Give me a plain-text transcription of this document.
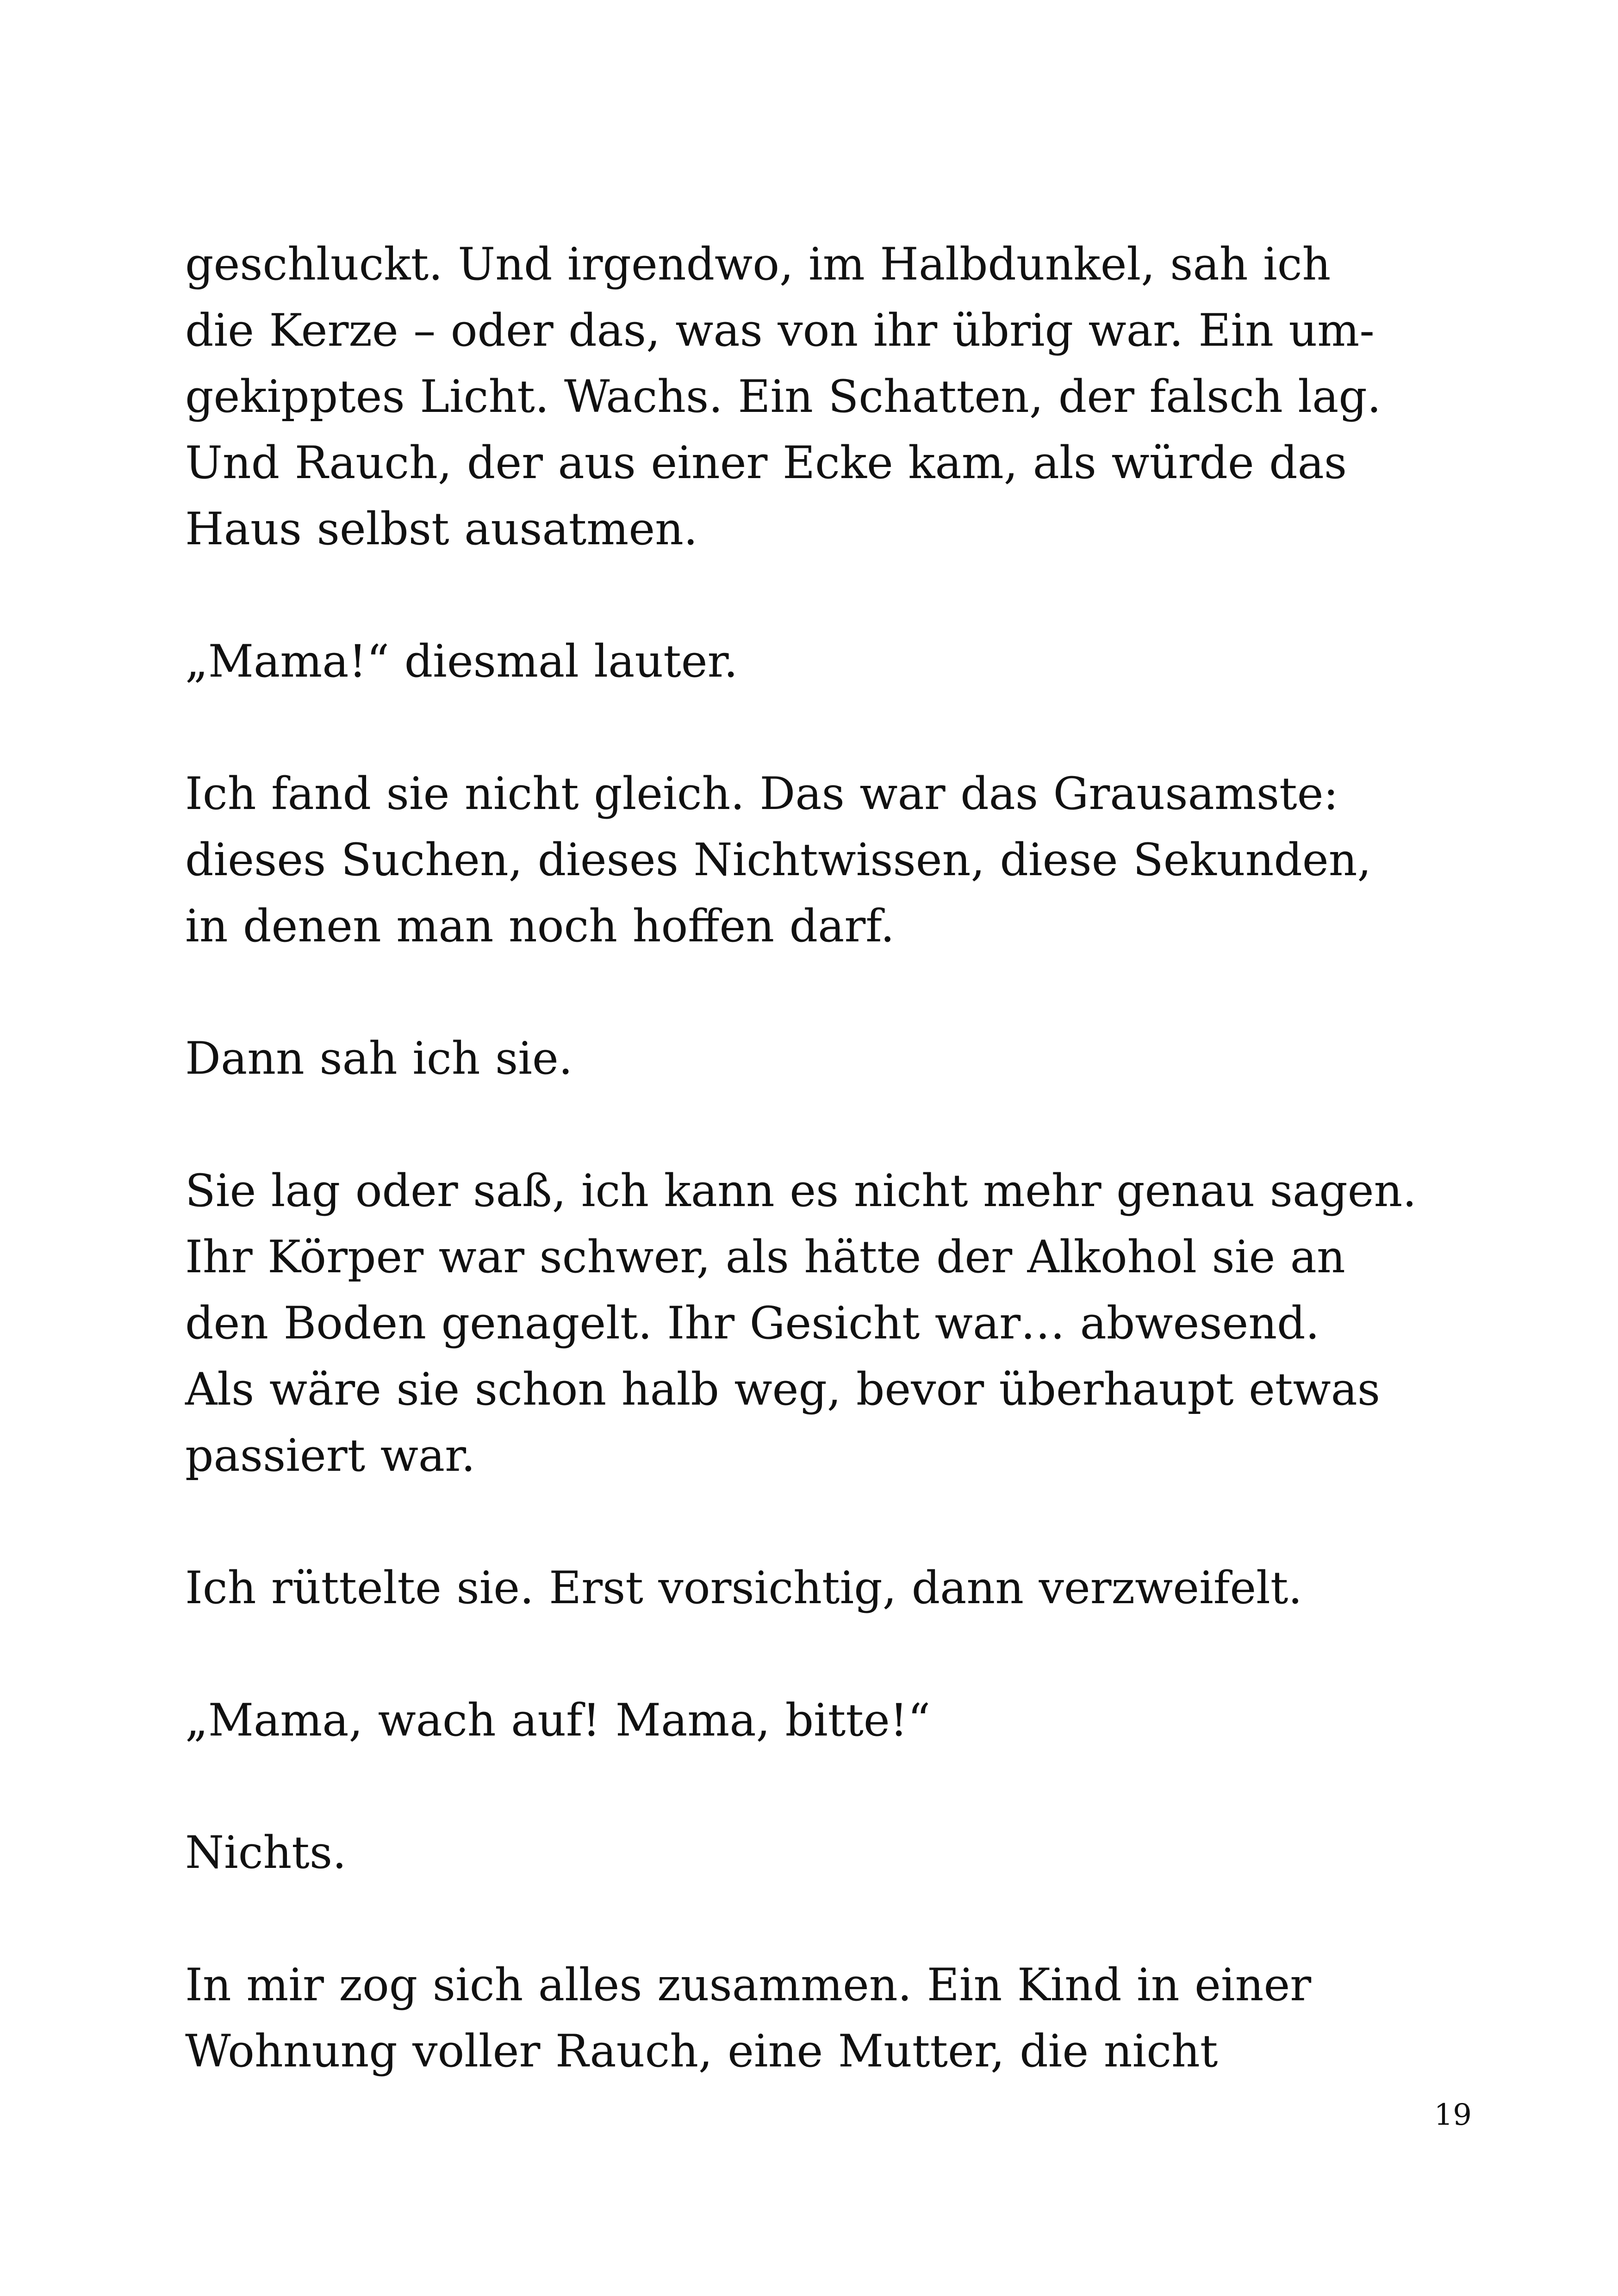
geschluckt. Und irgendwo, im Halbdunkel, sah ich
die Kerze – oder das, was von ihr übrig war. Ein um-
gekipptes Licht. Wachs. Ein Schatten, der falsch lag.
Und Rauch, der aus einer Ecke kam, als würde das
Haus selbst ausatmen.

„Mama!“ diesmal lauter.

Ich fand sie nicht gleich. Das war das Grausamste:
dieses Suchen, dieses Nichtwissen, diese Sekunden,
in denen man noch hoffen darf.

Dann sah ich sie.

Sie lag oder saß, ich kann es nicht mehr genau sagen.
Ihr Körper war schwer, als hätte der Alkohol sie an
den Boden genagelt. Ihr Gesicht war… abwesend.
Als wäre sie schon halb weg, bevor überhaupt etwas
passiert war.

Ich rüttelte sie. Erst vorsichtig, dann verzweifelt.

„Mama, wach auf! Mama, bitte!“

Nichts.

In mir zog sich alles zusammen. Ein Kind in einer
Wohnung voller Rauch, eine Mutter, die nicht

19
